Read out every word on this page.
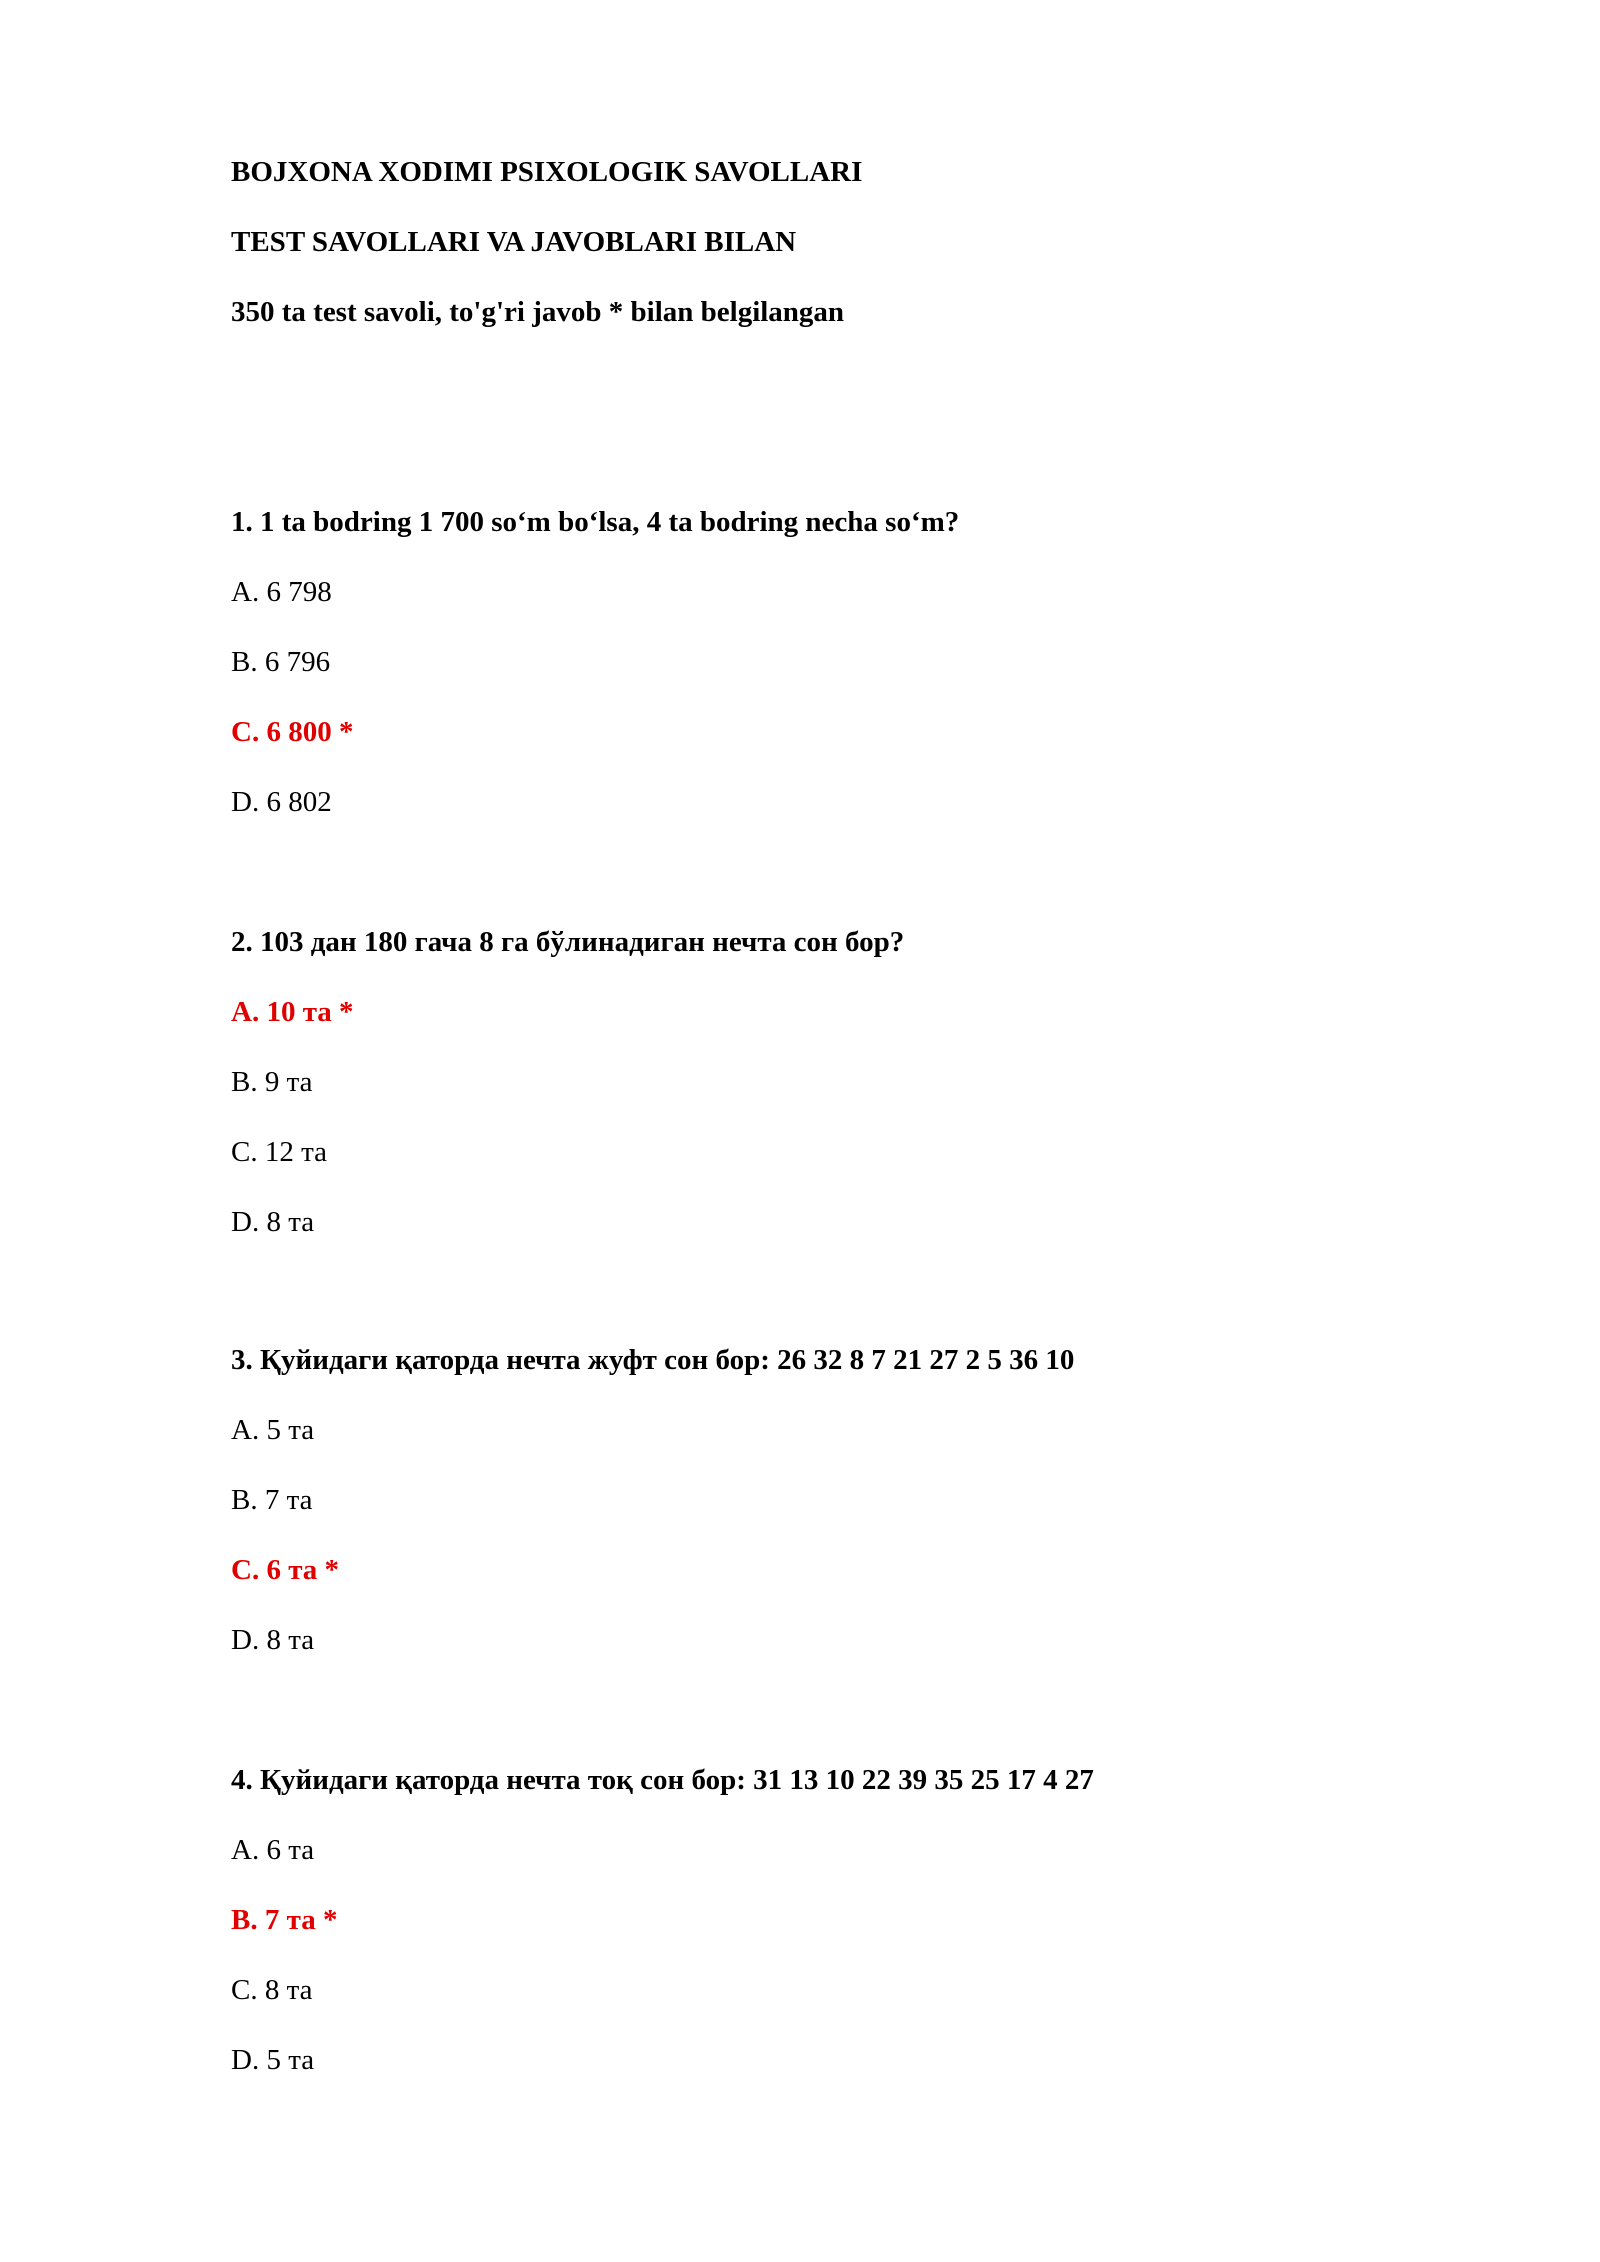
BOJXONA XODIMI PSIXOLOGIK SAVOLLARI

TEST SAVOLLARI VA JAVOBLARI BILAN

350 ta test savoli, to'g'ri javob * bilan belgilangan

1. 1 ta bodring 1 700 so‘m bo‘lsa, 4 ta bodring necha so‘m?

A. 6 798

B. 6 796

C. 6 800 *

D. 6 802

2. 103 дан 180 гача 8 га бўлинадиган нечта сон бор?

A. 10 та *

B. 9 та

C. 12 та

D. 8 та

3. Қуйидаги қаторда нечта жуфт сон бор: 26 32 8 7 21 27 2 5 36 10

A. 5 та

B. 7 та

C. 6 та *

D. 8 та

4. Қуйидаги қаторда нечта тоқ сон бор: 31 13 10 22 39 35 25 17 4 27

A. 6 та

B. 7 та *

C. 8 та

D. 5 та
